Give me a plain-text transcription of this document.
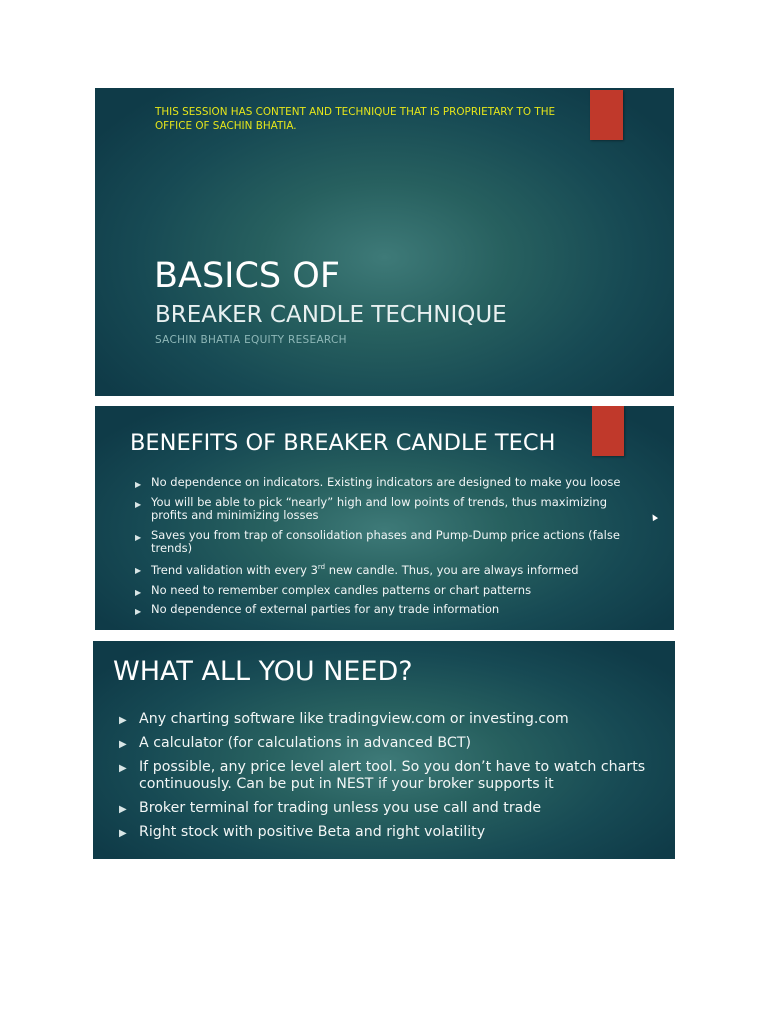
THIS SESSION HAS CONTENT AND TECHNIQUE THAT IS PROPRIETARY TO THE OFFICE OF SACHIN BHATIA.
BASICS OF
BREAKER CANDLE TECHNIQUE
SACHIN BHATIA EQUITY RESEARCH
BENEFITS OF BREAKER CANDLE TECH
▶ No dependence on indicators. Existing indicators are designed to make you loose
▶ You will be able to pick “nearly” high and low points of trends, thus maximizing profits and minimizing losses
▶ Saves you from trap of consolidation phases and Pump-Dump price actions (false trends)
▶ Trend validation with every 3rd new candle. Thus, you are always informed
▶ No need to remember complex candles patterns or chart patterns
▶ No dependence of external parties for any trade information
WHAT ALL YOU NEED?
▶ Any charting software like tradingview.com or investing.com
▶ A calculator (for calculations in advanced BCT)
▶ If possible, any price level alert tool. So you don’t have to watch charts continuously. Can be put in NEST if your broker supports it
▶ Broker terminal for trading unless you use call and trade
▶ Right stock with positive Beta and right volatility
